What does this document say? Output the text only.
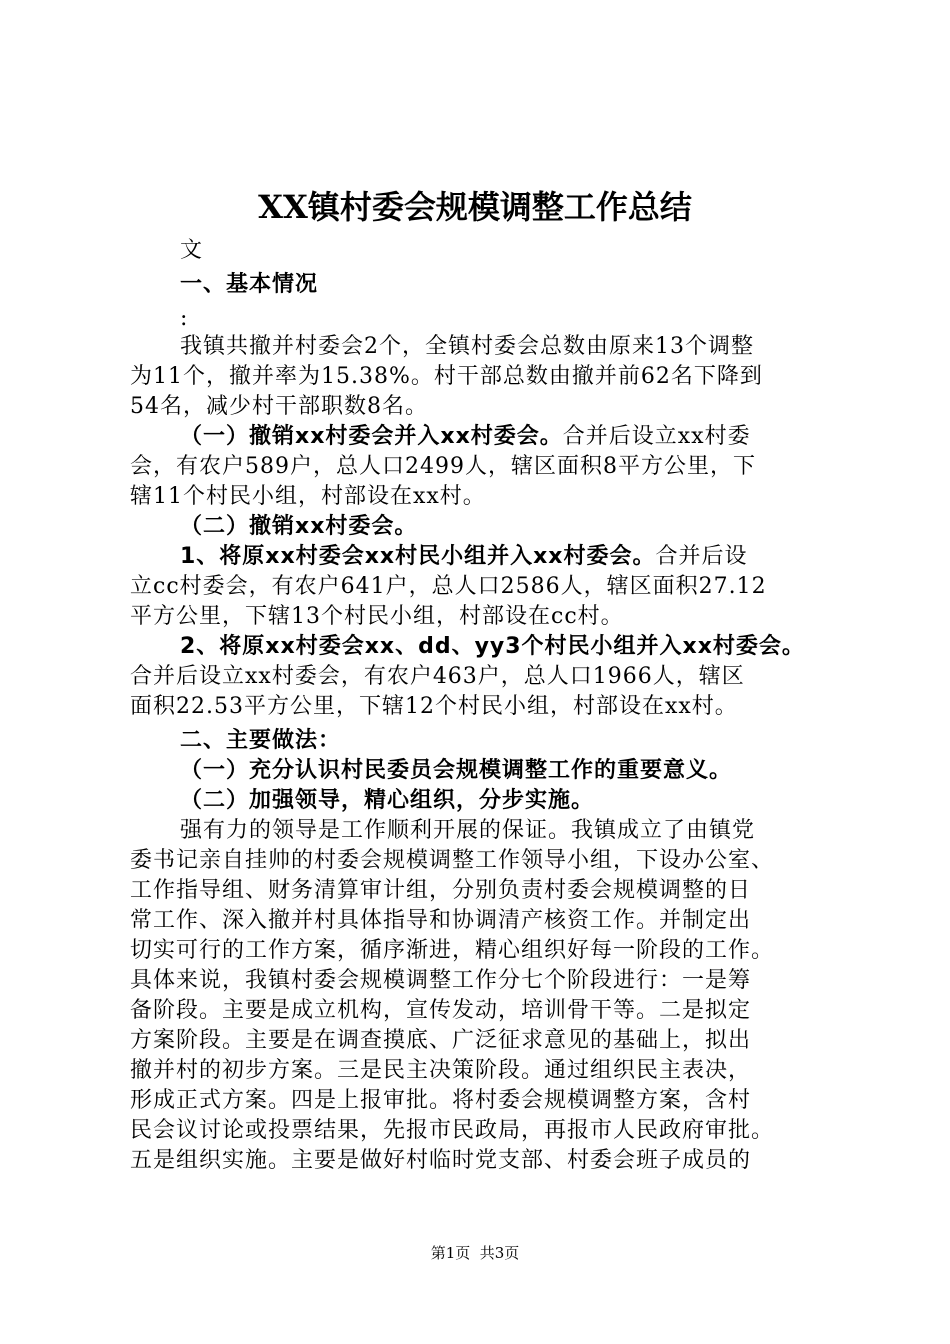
XX镇村委会规模调整工作总结
文
一、基本情况
:
我镇共撤并村委会2个，全镇村委会总数由原来13个调整
为11个，撤并率为15.38%。村干部总数由撤并前62名下降到
54名，减少村干部职数8名。
（一）撤销xx村委会并入xx村委会。合并后设立xx村委
会，有农户589户，总人口2499人，辖区面积8平方公里，下
辖11个村民小组，村部设在xx村。
（二）撤销xx村委会。
1、将原xx村委会xx村民小组并入xx村委会。合并后设
立cc村委会，有农户641户，总人口2586人，辖区面积27.12
平方公里，下辖13个村民小组，村部设在cc村。
2、将原xx村委会xx、dd、yy3个村民小组并入xx村委会。
合并后设立xx村委会，有农户463户，总人口1966人，辖区
面积22.53平方公里，下辖12个村民小组，村部设在xx村。
二、主要做法：
（一）充分认识村民委员会规模调整工作的重要意义。
（二）加强领导，精心组织，分步实施。
强有力的领导是工作顺利开展的保证。我镇成立了由镇党
委书记亲自挂帅的村委会规模调整工作领导小组，下设办公室、
工作指导组、财务清算审计组，分别负责村委会规模调整的日
常工作、深入撤并村具体指导和协调清产核资工作。并制定出
切实可行的工作方案，循序渐进，精心组织好每一阶段的工作。
具体来说，我镇村委会规模调整工作分七个阶段进行：一是筹
备阶段。主要是成立机构，宣传发动，培训骨干等。二是拟定
方案阶段。主要是在调查摸底、广泛征求意见的基础上，拟出
撤并村的初步方案。三是民主决策阶段。通过组织民主表决，
形成正式方案。四是上报审批。将村委会规模调整方案，含村
民会议讨论或投票结果，先报市民政局，再报市人民政府审批。
五是组织实施。主要是做好村临时党支部、村委会班子成员的
第1页  共3页
